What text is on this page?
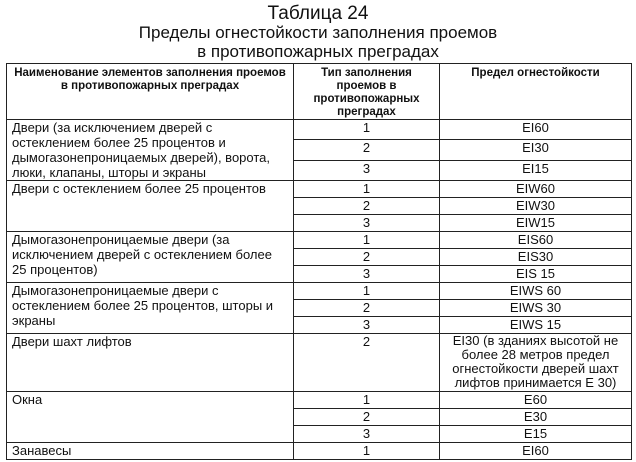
Таблица 24
Пределы огнестойкости заполнения проемов
в противопожарных преградах
Наименование элементов заполнения проемов в противопожарных преградах	Тип заполнения проемов в противопожарных преградах	Предел огнестойкости
Двери (за исключением дверей с остеклением более 25 процентов и дымогазонепроницаемых дверей), ворота, люки, клапаны, шторы и экраны	1	EI60
	2	EI30
	3	EI15
Двери с остеклением более 25 процентов	1	EIW60
	2	EIW30
	3	EIW15
Дымогазонепроницаемые двери (за исключением дверей с остеклением более 25 процентов)	1	EIS60
	2	EIS30
	3	EIS 15
Дымогазонепроницаемые двери с остеклением более 25 процентов, шторы и экраны	1	EIWS 60
	2	EIWS 30
	3	EIWS 15
Двери шахт лифтов	2	EI30 (в зданиях высотой не более 28 метров предел огнестойкости дверей шахт лифтов принимается Е 30)
Окна	1	E60
	2	E30
	3	E15
Занавесы	1	EI60
